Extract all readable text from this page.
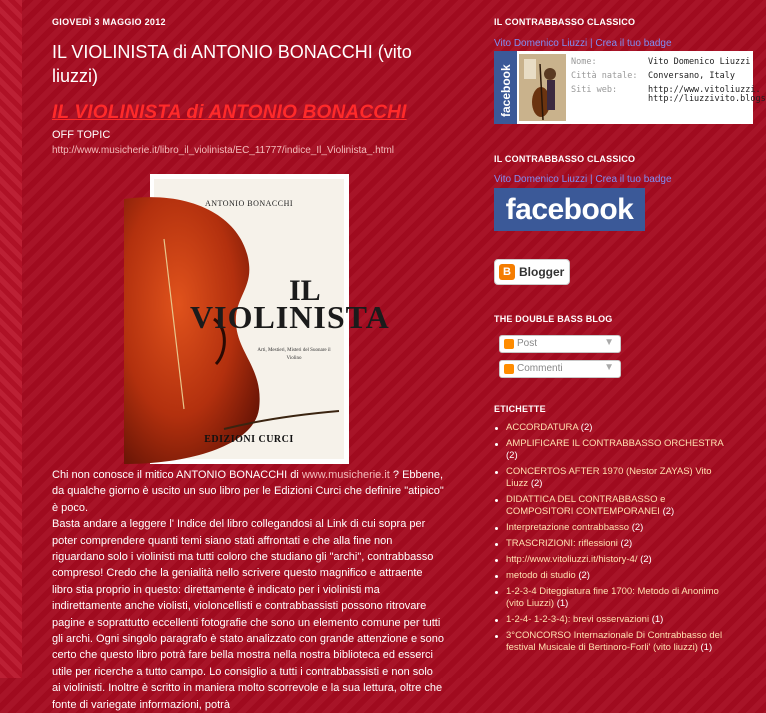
GIOVEDÌ 3 MAGGIO 2012
IL VIOLINISTA di ANTONIO BONACCHI (vito liuzzi)
IL VIOLINISTA di ANTONIO BONACCHI
OFF TOPIC
http://www.musicherie.it/libro_il_violinista/EC_11777/indice_Il_Violinista_.html
ANTONIO BONACCHI
IL
VIOLINISTA
Arti, Mestieri, Misteri del Suonare il Violino
EDIZIONI CURCI

Chi non conosce il mitico ANTONIO BONACCHI di www.musicherie.it ? Ebbene, da qualche giorno è uscito un suo libro per le Edizioni Curci che definire "atipico" è poco.

Basta andare a leggere l' Indice del libro collegandosi al Link di cui sopra per poter comprendere quanti temi siano stati affrontati e che alla fine non riguardano solo i violinisti ma tutti coloro che studiano gli "archi", contrabbasso compreso! Credo che la genialità nello scrivere questo magnifico e attraente libro stia proprio in questo: direttamente è indicato per i violinisti ma indirettamente anche violisti, violoncellisti e contrabbassisti possono ritrovare pagine e soprattutto eccellenti fotografie che sono un elemento comune per tutti gli archi. Ogni singolo paragrafo è stato analizzato con grande attenzione e sono certo che questo libro potrà fare bella mostra nella nostra biblioteca ed esserci utile per ricerche a tutto campo. Lo consiglio a tutti i contrabbassisti e non solo ai violinisti. Inoltre è scritto in maniera molto scorrevole e la sua lettura, oltre che fonte di variegate informazioni, potrà

IL CONTRABBASSO CLASSICO
Vito Domenico Liuzzi | Crea il tuo badge
facebook
Nome:
Città natale:
Siti web:
Vito Domenico Liuzzi
Conversano, Italy
http://www.vitoliuzzi.
http://liuzzivito.blogs
IL CONTRABBASSO CLASSICO
Vito Domenico Liuzzi | Crea il tuo badge
facebook
B Blogger
THE DOUBLE BASS BLOG
Post	▼
Commenti	▼
ETICHETTE
ACCORDATURA (2)
AMPLIFICARE IL CONTRABBASSO ORCHESTRA (2)
CONCERTOS AFTER 1970 (Nestor ZAYAS) Vito Liuzz (2)
DIDATTICA DEL CONTRABBASSO e COMPOSITORI CONTEMPORANEI (2)
Interpretazione contrabbasso (2)
TRASCRIZIONI: riflessioni (2)
http://www.vitoliuzzi.it/history-4/ (2)
metodo di studio (2)
1-2-3-4 Diteggiatura fine 1700: Metodo di Anonimo (vito Liuzzi) (1)
1-2-4- 1-2-3-4): brevi osservazioni (1)
3°CONCORSO Internazionale Di Contrabbasso del festival Musicale di Bertinoro-Forli' (vito liuzzi) (1)
